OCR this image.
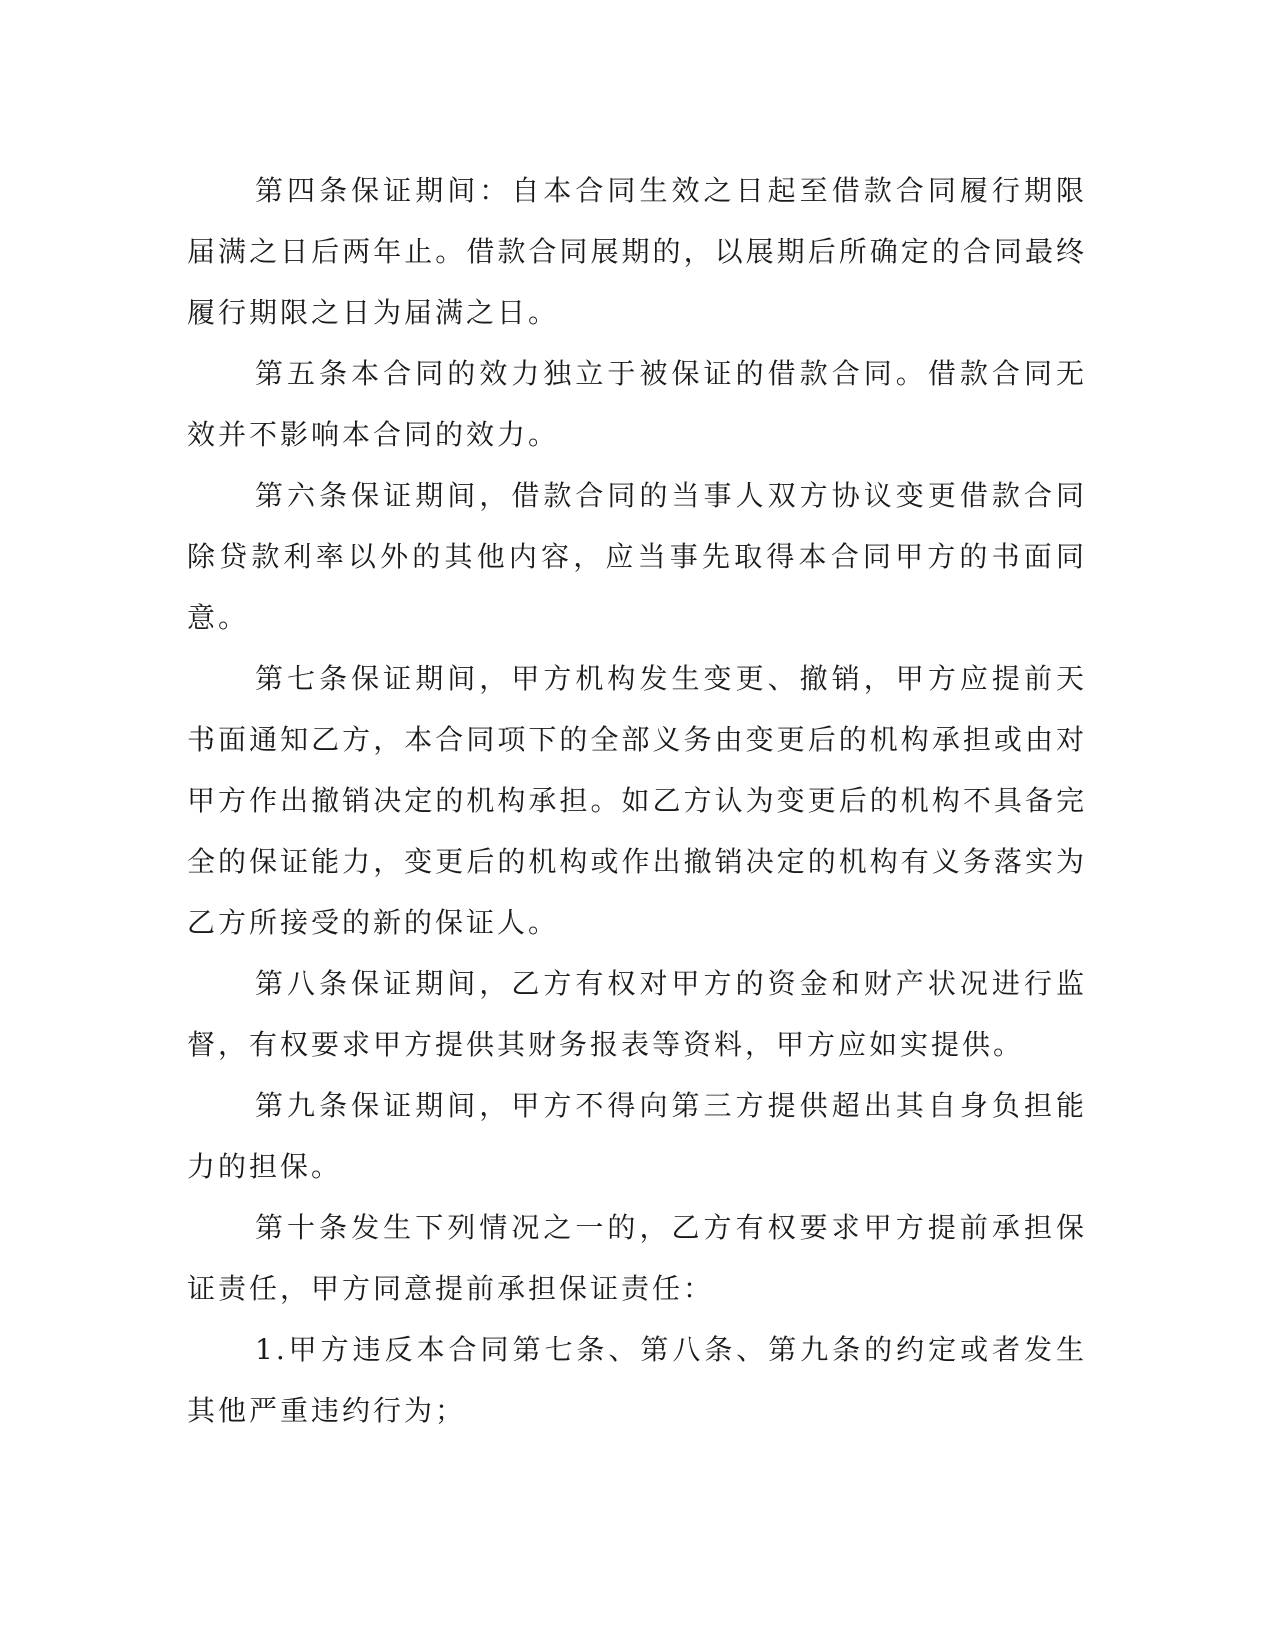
第四条保证期间：自本合同生效之日起至借款合同履行期限届满之日后两年止。借款合同展期的，以展期后所确定的合同最终履行期限之日为届满之日。

第五条本合同的效力独立于被保证的借款合同。借款合同无效并不影响本合同的效力。

第六条保证期间，借款合同的当事人双方协议变更借款合同除贷款利率以外的其他内容，应当事先取得本合同甲方的书面同意。

第七条保证期间，甲方机构发生变更、撤销，甲方应提前天书面通知乙方，本合同项下的全部义务由变更后的机构承担或由对甲方作出撤销决定的机构承担。如乙方认为变更后的机构不具备完全的保证能力，变更后的机构或作出撤销决定的机构有义务落实为乙方所接受的新的保证人。

第八条保证期间，乙方有权对甲方的资金和财产状况进行监督，有权要求甲方提供其财务报表等资料，甲方应如实提供。

第九条保证期间，甲方不得向第三方提供超出其自身负担能力的担保。

第十条发生下列情况之一的，乙方有权要求甲方提前承担保证责任，甲方同意提前承担保证责任：

1.甲方违反本合同第七条、第八条、第九条的约定或者发生其他严重违约行为；
